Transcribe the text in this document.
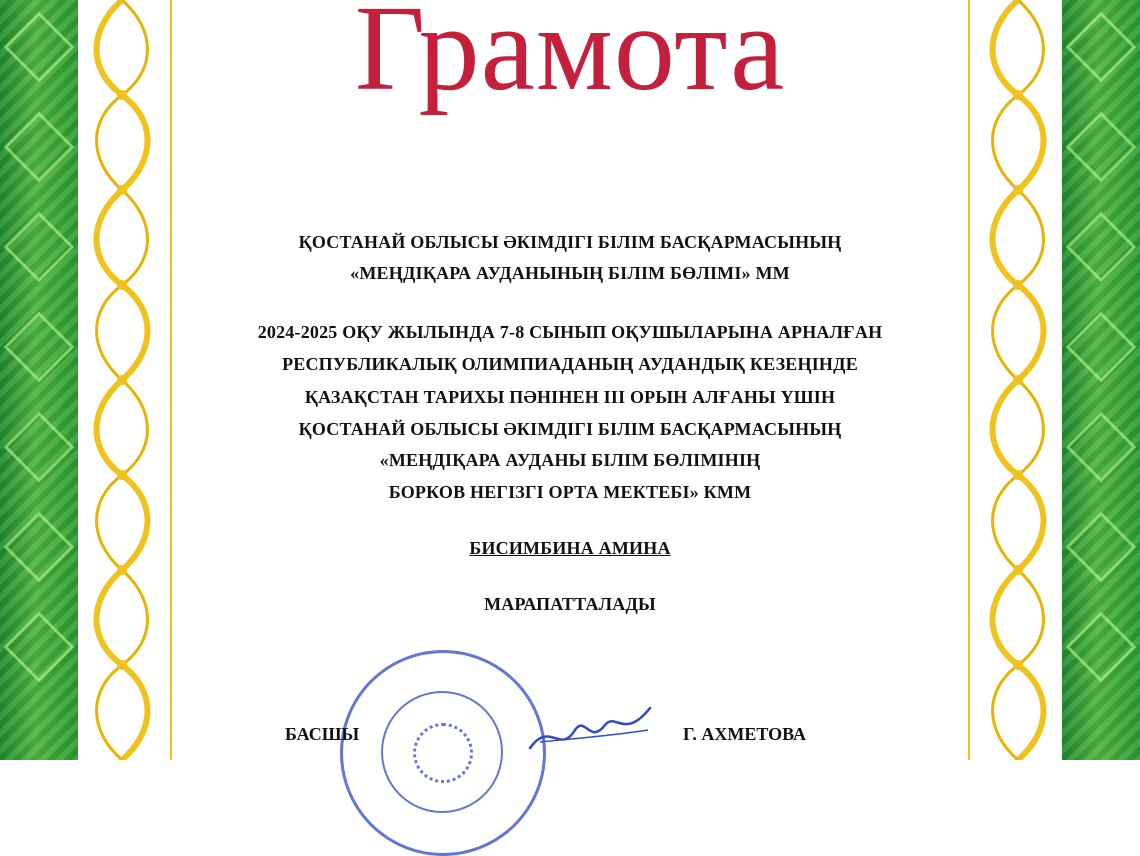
Грамота
ҚОСТАНАЙ ОБЛЫСЫ ӘКІМДІГІ БІЛІМ БАСҚАРМАСЫНЫҢ
«МЕҢДІҚАРА АУДАНЫНЫҢ БІЛІМ БӨЛІМІ» ММ
2024-2025 ОҚУ ЖЫЛЫНДА 7-8 СЫНЫП ОҚУШЫЛАРЫНА АРНАЛҒАН
РЕСПУБЛИКАЛЫҚ ОЛИМПИАДАНЫҢ АУДАНДЫҚ КЕЗЕҢІНДЕ
ҚАЗАҚСТАН ТАРИХЫ ПӘНІНЕН ІІІ ОРЫН АЛҒАНЫ ҮШІН
ҚОСТАНАЙ ОБЛЫСЫ ӘКІМДІГІ БІЛІМ БАСҚАРМАСЫНЫҢ
«МЕҢДІҚАРА АУДАНЫ БІЛІМ БӨЛІМІНІҢ
БОРКОВ НЕГІЗГІ ОРТА МЕКТЕБІ» КММ
БИСИМБИНА АМИНА
МАРАПАТТАЛАДЫ
БАСШЫ	Г. АХМЕТОВА
